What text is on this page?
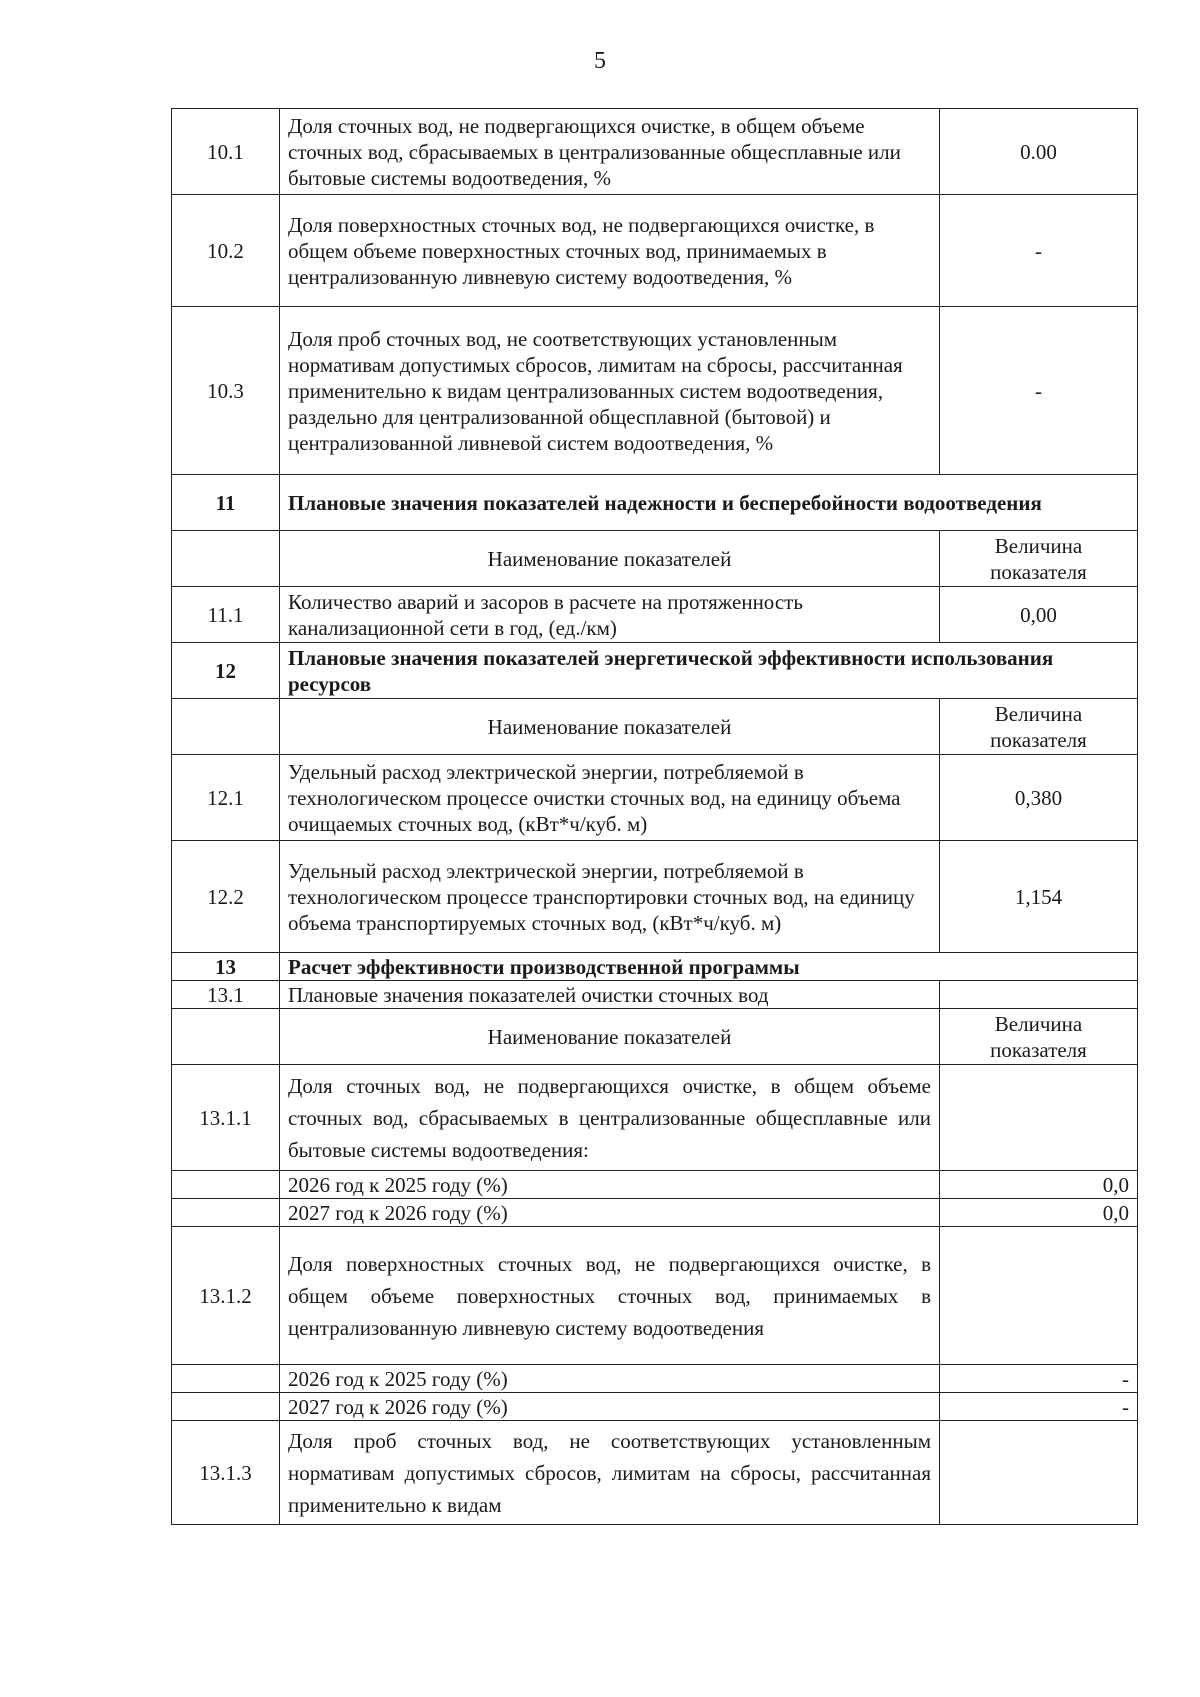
5
10.1	Доля сточных вод, не подвергающихся очистке, в общем объеме сточных вод, сбрасываемых в централизованные общесплавные или бытовые системы водоотведения, %	0.00
10.2	Доля поверхностных сточных вод, не подвергающихся очистке, в общем объеме поверхностных сточных вод, принимаемых в централизованную ливневую систему водоотведения, %	-
10.3	Доля проб сточных вод, не соответствующих установленным нормативам допустимых сбросов, лимитам на сбросы, рассчитанная применительно к видам централизованных систем водоотведения, раздельно для централизованной общесплавной (бытовой) и централизованной ливневой систем водоотведения, %	-
11	Плановые значения показателей надежности и бесперебойности водоотведения	
	Наименование показателей	Величина показателя
11.1	Количество аварий и засоров в расчете на протяженность канализационной сети в год, (ед./км)	0,00
12	Плановые значения показателей энергетической эффективности использования ресурсов	
	Наименование показателей	Величина показателя
12.1	Удельный расход электрической энергии, потребляемой в технологическом процессе очистки сточных вод, на единицу объема очищаемых сточных вод, (кВт*ч/куб. м)	0,380
12.2	Удельный расход электрической энергии, потребляемой в технологическом процессе транспортировки сточных вод, на единицу объема транспортируемых сточных вод, (кВт*ч/куб. м)	1,154
13	Расчет эффективности производственной программы	
13.1	Плановые значения показателей очистки сточных вод	
	Наименование показателей	Величина показателя
13.1.1	Доля сточных вод, не подвергающихся очистке, в общем объеме сточных вод, сбрасываемых в централизованные общесплавные или бытовые системы водоотведения:	
	2026 год к 2025 году (%)	0,0
	2027 год к 2026 году (%)	0,0
13.1.2	Доля поверхностных сточных вод, не подвергающихся очистке, в общем объеме поверхностных сточных вод, принимаемых в централизованную ливневую систему водоотведения	
	2026 год к 2025 году (%)	-
	2027 год к 2026 году (%)	-
13.1.3	Доля проб сточных вод, не соответствующих установленным нормативам допустимых сбросов, лимитам на сбросы, рассчитанная применительно к видам	
